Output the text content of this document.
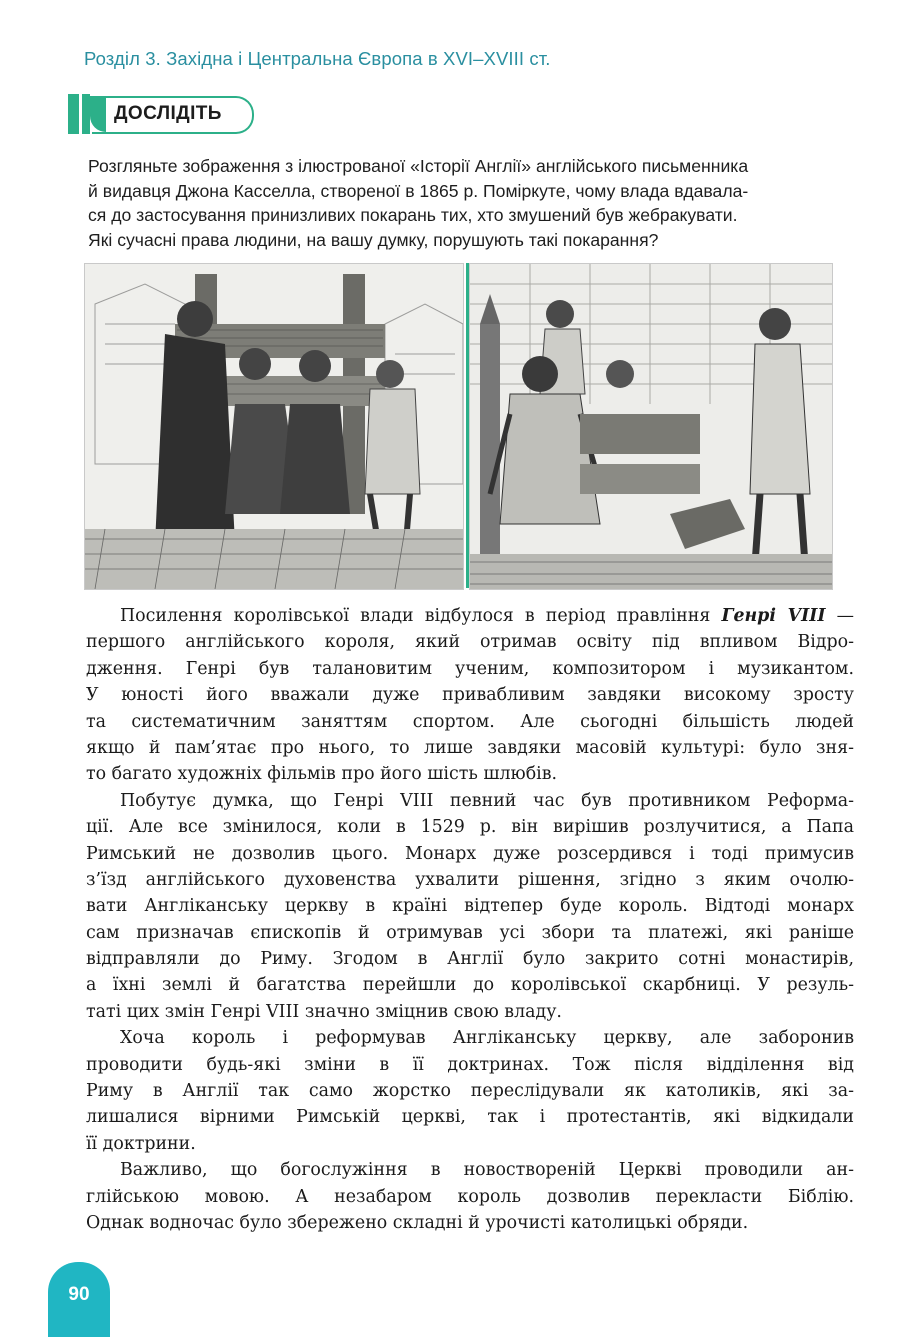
Розділ 3. Західна і Центральна Європа в XVI–XVIII ст.
ДОСЛІДІТЬ
Розгляньте зображення з ілюстрованої «Історії Англії» англійського письменника
й видавця Джона Касселла, створеної в 1865 р. Поміркуте, чому влада вдавала-
ся до застосування принизливих покарань тих, хто змушений був жебракувати.
Які сучасні права людини, на вашу думку, порушують такі покарання?
Посилення королівської влади відбулося в період правління Генрі VIII —
першого англійського короля, який отримав освіту під впливом Відро-
дження. Генрі був талановитим ученим, композитором і музикантом.
У юності його вважали дуже привабливим завдяки високому зросту
та систематичним заняттям спортом. Але сьогодні більшість людей
якщо й пам’ятає про нього, то лише завдяки масовій культурі: було зня-
то багато художніх фільмів про його шість шлюбів.
Побутує думка, що Генрі VIII певний час був противником Реформа-
ції. Але все змінилося, коли в 1529 р. він вирішив розлучитися, а Папа
Римський не дозволив цього. Монарх дуже розсердився і тоді примусив
з’їзд англійського духовенства ухвалити рішення, згідно з яким очолю-
вати Англіканську церкву в країні відтепер буде король. Відтоді монарх
сам призначав єпископів й отримував усі збори та платежі, які раніше
відправляли до Риму. Згодом в Англії було закрито сотні монастирів,
а їхні землі й багатства перейшли до королівської скарбниці. У резуль-
таті цих змін Генрі VIII значно зміцнив свою владу.
Хоча король і реформував Англіканську церкву, але заборонив
проводити будь-які зміни в її доктринах. Тож після відділення від
Риму в Англії так само жорстко переслідували як католиків, які за-
лишалися вірними Римській церкві, так і протестантів, які відкидали
її доктрини.
Важливо, що богослужіння в новоствореній Церкві проводили ан-
глійською мовою. А незабаром король дозволив перекласти Біблію.
Однак водночас було збережено складні й урочисті католицькі обряди.
90
